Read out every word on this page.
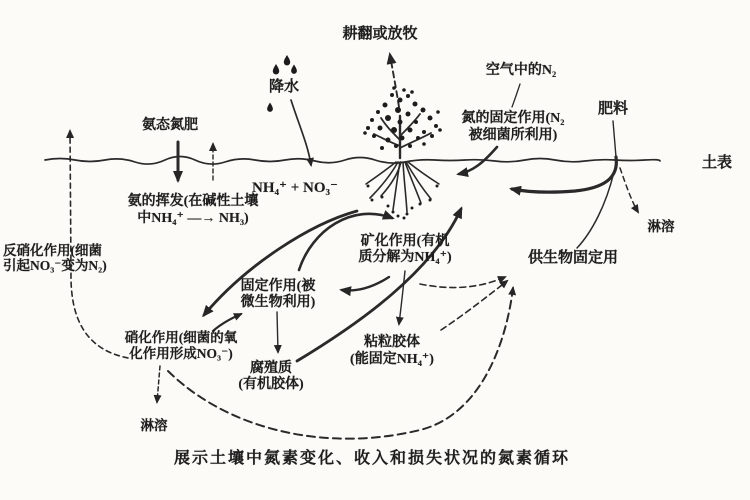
耕翻或放牧
降水
空气中的N₂
氮的固定作用(N₂
被细菌所利用)
肥料
土表
氨态氮肥
氨的挥发(在碱性土壤
中NH₄⁺ —→ NH₃)
NH₄⁺ + NO₃⁻
反硝化作用(细菌
引起NO₃⁻变为N₂)
矿化作用(有机
质分解为NH₄⁺)	供生物固定用
固定作用(被
微生物利用)
硝化作用(细菌的氧
化作用形成NO₃⁻)
腐殖质
(有机胶体)
粘粒胶体
(能固定NH₄⁺)
淋溶
淋溶
展示土壤中氮素变化、收入和损失状况的氮素循环
